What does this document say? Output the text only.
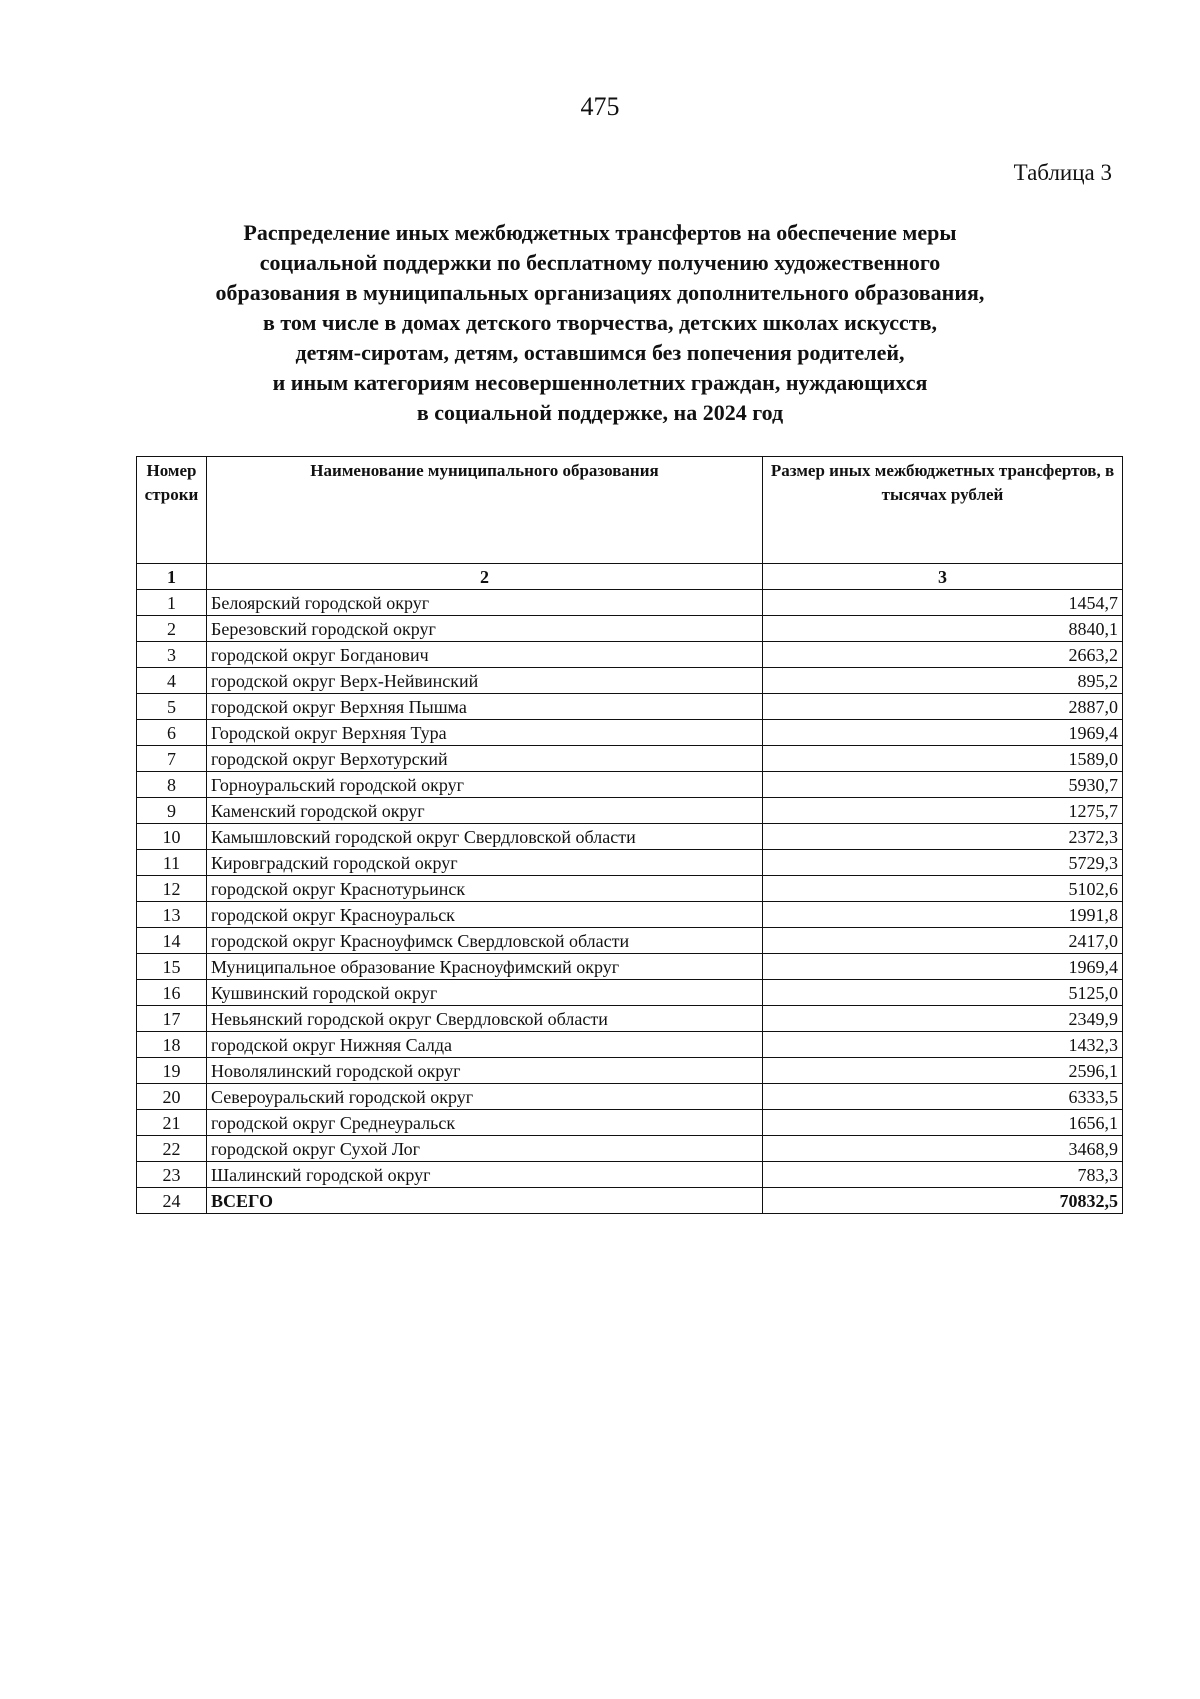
475
Таблица 3
Распределение иных межбюджетных трансфертов на обеспечение меры
социальной поддержки по бесплатному получению художественного
образования в муниципальных организациях дополнительного образования,
в том числе в домах детского творчества, детских школах искусств,
детям-сиротам, детям, оставшимся без попечения родителей,
и иным категориям несовершеннолетних граждан, нуждающихся
в социальной поддержке, на 2024 год
Номер строки	Наименование муниципального образования	Размер иных межбюджетных трансфертов, в тысячах рублей
1	2	3
1	Белоярский городской округ	1454,7
2	Березовский городской округ	8840,1
3	городской округ Богданович	2663,2
4	городской округ Верх-Нейвинский	895,2
5	городской округ Верхняя Пышма	2887,0
6	Городской округ Верхняя Тура	1969,4
7	городской округ Верхотурский	1589,0
8	Горноуральский городской округ	5930,7
9	Каменский городской округ	1275,7
10	Камышловский городской округ Свердловской области	2372,3
11	Кировградский городской округ	5729,3
12	городской округ Краснотурьинск	5102,6
13	городской округ Красноуральск	1991,8
14	городской округ Красноуфимск Свердловской области	2417,0
15	Муниципальное образование Красноуфимский округ	1969,4
16	Кушвинский городской округ	5125,0
17	Невьянский городской округ Свердловской области	2349,9
18	городской округ Нижняя Салда	1432,3
19	Новолялинский городской округ	2596,1
20	Североуральский городской округ	6333,5
21	городской округ Среднеуральск	1656,1
22	городской округ Сухой Лог	3468,9
23	Шалинский городской округ	783,3
24	ВСЕГО	70832,5
